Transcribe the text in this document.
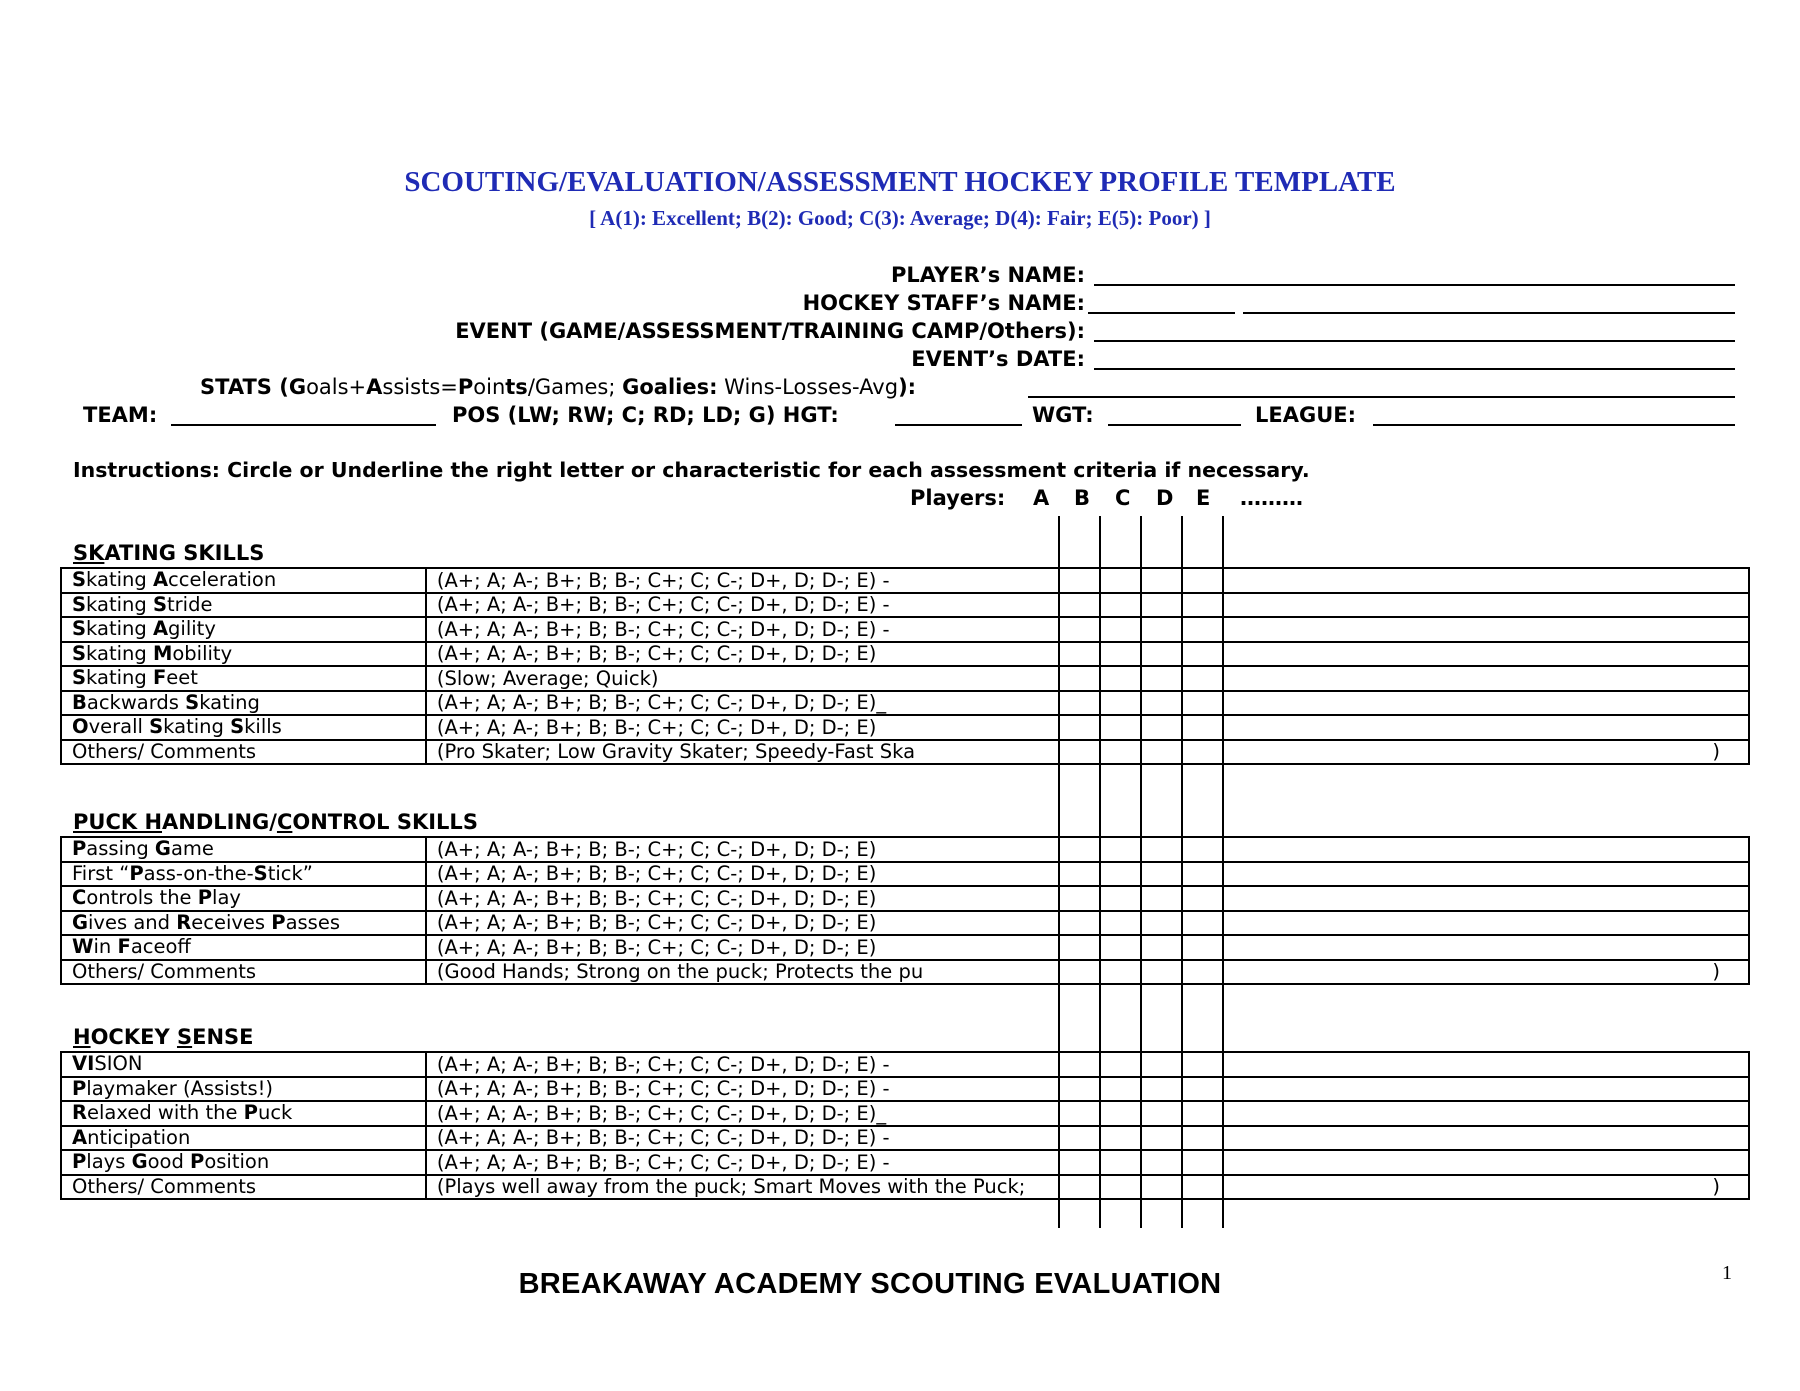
SCOUTING/EVALUATION/ASSESSMENT HOCKEY PROFILE TEMPLATE
[ A(1): Excellent; B(2): Good; C(3): Average; D(4): Fair; E(5): Poor) ]
PLAYER’s NAME:
HOCKEY STAFF’s NAME:
EVENT (GAME/ASSESSMENT/TRAINING CAMP/Others):
EVENT’s DATE:
STATS (Goals+Assists=Points/Games; Goalies: Wins-Losses-Avg):
TEAM:	POS (LW; RW; C; RD; LD; G) HGT:	WGT:	LEAGUE:
Instructions: Circle or Underline the right letter or characteristic for each assessment criteria if necessary.
Players: A B C D E ………
SKATING SKILLS
Skating Acceleration	(A+; A; A-; B+; B; B-; C+; C; C-; D+, D; D-; E) -
Skating Stride	(A+; A; A-; B+; B; B-; C+; C; C-; D+, D; D-; E) -
Skating Agility	(A+; A; A-; B+; B; B-; C+; C; C-; D+, D; D-; E) -
Skating Mobility	(A+; A; A-; B+; B; B-; C+; C; C-; D+, D; D-; E)
Skating Feet	(Slow; Average; Quick)
Backwards Skating	(A+; A; A-; B+; B; B-; C+; C; C-; D+, D; D-; E)_
Overall Skating Skills	(A+; A; A-; B+; B; B-; C+; C; C-; D+, D; D-; E)
Others/ Comments	(Pro Skater; Low Gravity Skater; Speedy-Fast Ska )
PUCK HANDLING/CONTROL SKILLS
Passing Game	(A+; A; A-; B+; B; B-; C+; C; C-; D+, D; D-; E)
First “Pass-on-the-Stick”	(A+; A; A-; B+; B; B-; C+; C; C-; D+, D; D-; E)
Controls the Play	(A+; A; A-; B+; B; B-; C+; C; C-; D+, D; D-; E)
Gives and Receives Passes	(A+; A; A-; B+; B; B-; C+; C; C-; D+, D; D-; E)
Win Faceoff	(A+; A; A-; B+; B; B-; C+; C; C-; D+, D; D-; E)
Others/ Comments	(Good Hands; Strong on the puck; Protects the pu )
HOCKEY SENSE
VISION	(A+; A; A-; B+; B; B-; C+; C; C-; D+, D; D-; E) -
Playmaker (Assists!)	(A+; A; A-; B+; B; B-; C+; C; C-; D+, D; D-; E) -
Relaxed with the Puck	(A+; A; A-; B+; B; B-; C+; C; C-; D+, D; D-; E)_
Anticipation	(A+; A; A-; B+; B; B-; C+; C; C-; D+, D; D-; E) -
Plays Good Position	(A+; A; A-; B+; B; B-; C+; C; C-; D+, D; D-; E) -
Others/ Comments	(Plays well away from the puck; Smart Moves with the Puck; )
BREAKAWAY ACADEMY SCOUTING EVALUATION	1
